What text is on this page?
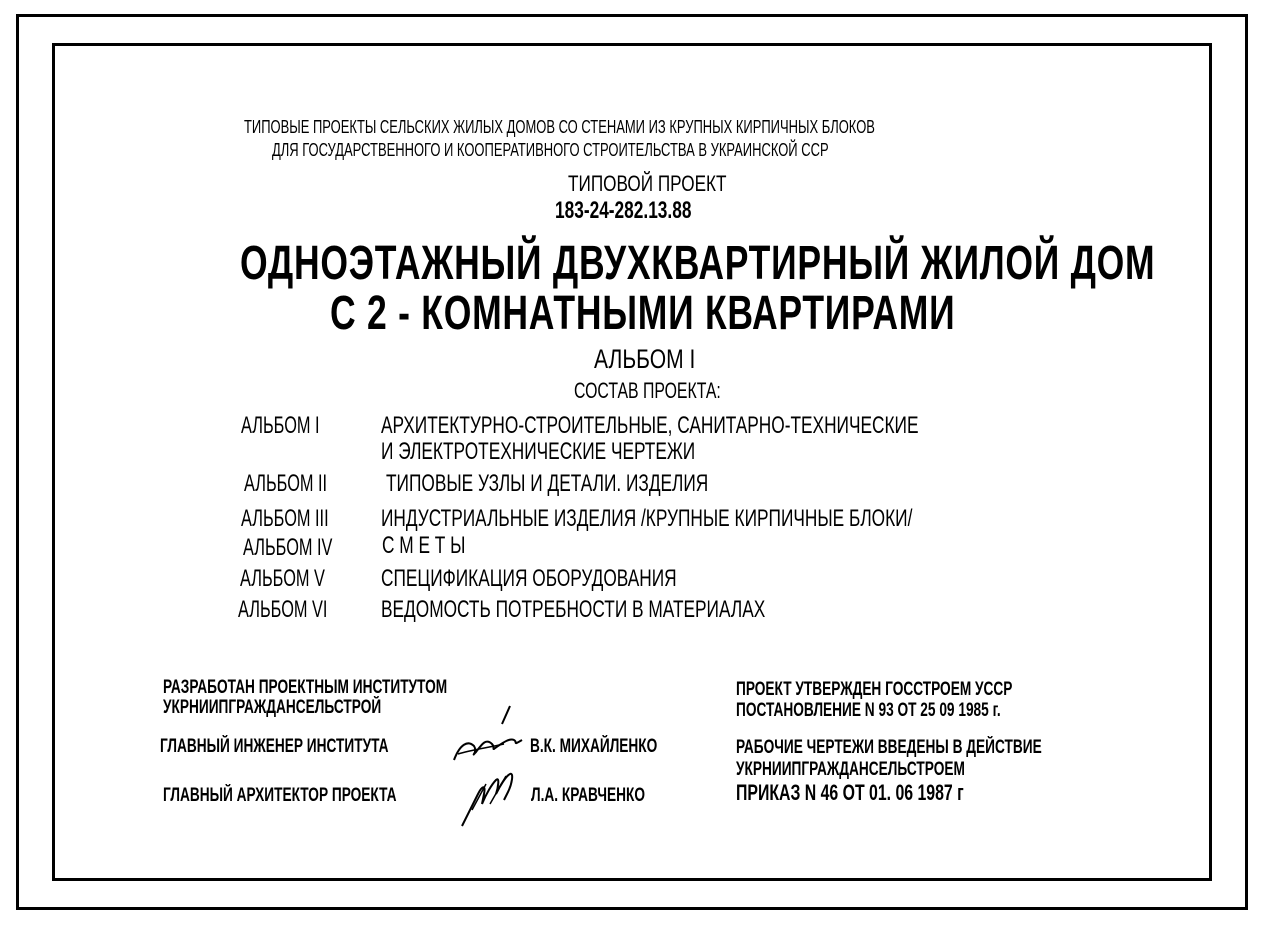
ТИПОВЫЕ ПРОЕКТЫ СЕЛЬСКИХ ЖИЛЫХ ДОМОВ СО СТЕНАМИ ИЗ КРУПНЫХ КИРПИЧНЫХ БЛОКОВ
ДЛЯ ГОСУДАРСТВЕННОГО И КООПЕРАТИВНОГО СТРОИТЕЛЬСТВА В УКРАИНСКОЙ ССР
ТИПОВОЙ ПРОЕКТ
183-24-282.13.88
ОДНОЭТАЖНЫЙ ДВУХКВАРТИРНЫЙ ЖИЛОЙ ДОМ
С 2 - КОМНАТНЫМИ КВАРТИРАМИ
АЛЬБОМ I
СОСТАВ ПРОЕКТА:
АЛЬБОМ I	АРХИТЕКТУРНО-СТРОИТЕЛЬНЫЕ, САНИТАРНО-ТЕХНИЧЕСКИЕ
И ЭЛЕКТРОТЕХНИЧЕСКИЕ ЧЕРТЕЖИ
АЛЬБОМ II ТИПОВЫЕ УЗЛЫ И ДЕТАЛИ. ИЗДЕЛИЯ
АЛЬБОМ III ИНДУСТРИАЛЬНЫЕ ИЗДЕЛИЯ /КРУПНЫЕ КИРПИЧНЫЕ БЛОКИ/
АЛЬБОМ IV С М Е Т Ы
АЛЬБОМ V СПЕЦИФИКАЦИЯ ОБОРУДОВАНИЯ
АЛЬБОМ VI ВЕДОМОСТЬ ПОТРЕБНОСТИ В МАТЕРИАЛАХ
РАЗРАБОТАН ПРОЕКТНЫМ ИНСТИТУТОМ
УКРНИИПГРАЖДАНСЕЛЬСТРОЙ
ГЛАВНЫЙ ИНЖЕНЕР ИНСТИТУТА	В.К. МИХАЙЛЕНКО
ГЛАВНЫЙ АРХИТЕКТОР ПРОЕКТА	Л.А. КРАВЧЕНКО
ПРОЕКТ УТВЕРЖДЕН ГОССТРОЕМ УССР
ПОСТАНОВЛЕНИЕ N 93 ОТ 25 09 1985 г.
РАБОЧИЕ ЧЕРТЕЖИ ВВЕДЕНЫ В ДЕЙСТВИЕ
УКРНИИПГРАЖДАНСЕЛЬСТРОЕМ
ПРИКАЗ N 46 ОТ 01. 06 1987 г
